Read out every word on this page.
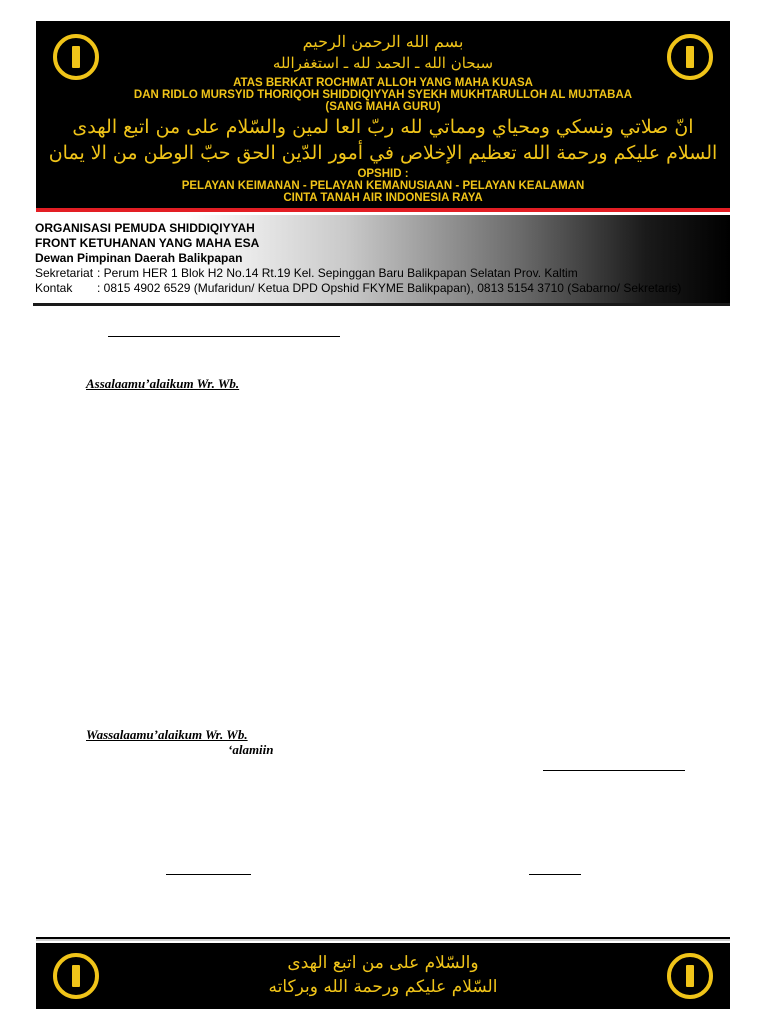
بسم الله الرحمن الرحيم
سبحان الله ـ الحمد لله ـ استغفرالله
ATAS BERKAT ROCHMAT ALLOH YANG MAHA KUASA
DAN RIDLO MURSYID THORIQOH SHIDDIQIYYAH SYEKH MUKHTARULLOH AL MUJTABAA
(SANG MAHA GURU)
انّ صلاتي ونسكي ومحياي ومماتي لله ربّ العا لمين والسّلام على من اتبع الهدى
السلام عليكم ورحمة الله تعظيم الإخلاص في أمور الدّين الحق حبّ الوطن من الا يمان
OPSHID :
PELAYAN KEIMANAN - PELAYAN KEMANUSIAAN - PELAYAN KEALAMAN
CINTA TANAH AIR INDONESIA RAYA
ORGANISASI PEMUDA SHIDDIQIYYAH
FRONT KETUHANAN YANG MAHA ESA
Dewan Pimpinan Daerah Balikpapan
Sekretariat : Perum HER 1 Blok H2 No.14 Rt.19 Kel. Sepinggan Baru Balikpapan Selatan Prov. Kaltim
Kontak	: 0815 4902 6529 (Mufaridun/ Ketua DPD Opshid FKYME Balikpapan), 0813 5154 3710 (Sabarno/ Sekretaris)
Assalaamu’alaikum Wr. Wb.
Wassalaamu’alaikum Wr. Wb.
‘alamiin
والسّلام على من اتبع الهدى
السّلام عليكم ورحمة الله وبركاته
